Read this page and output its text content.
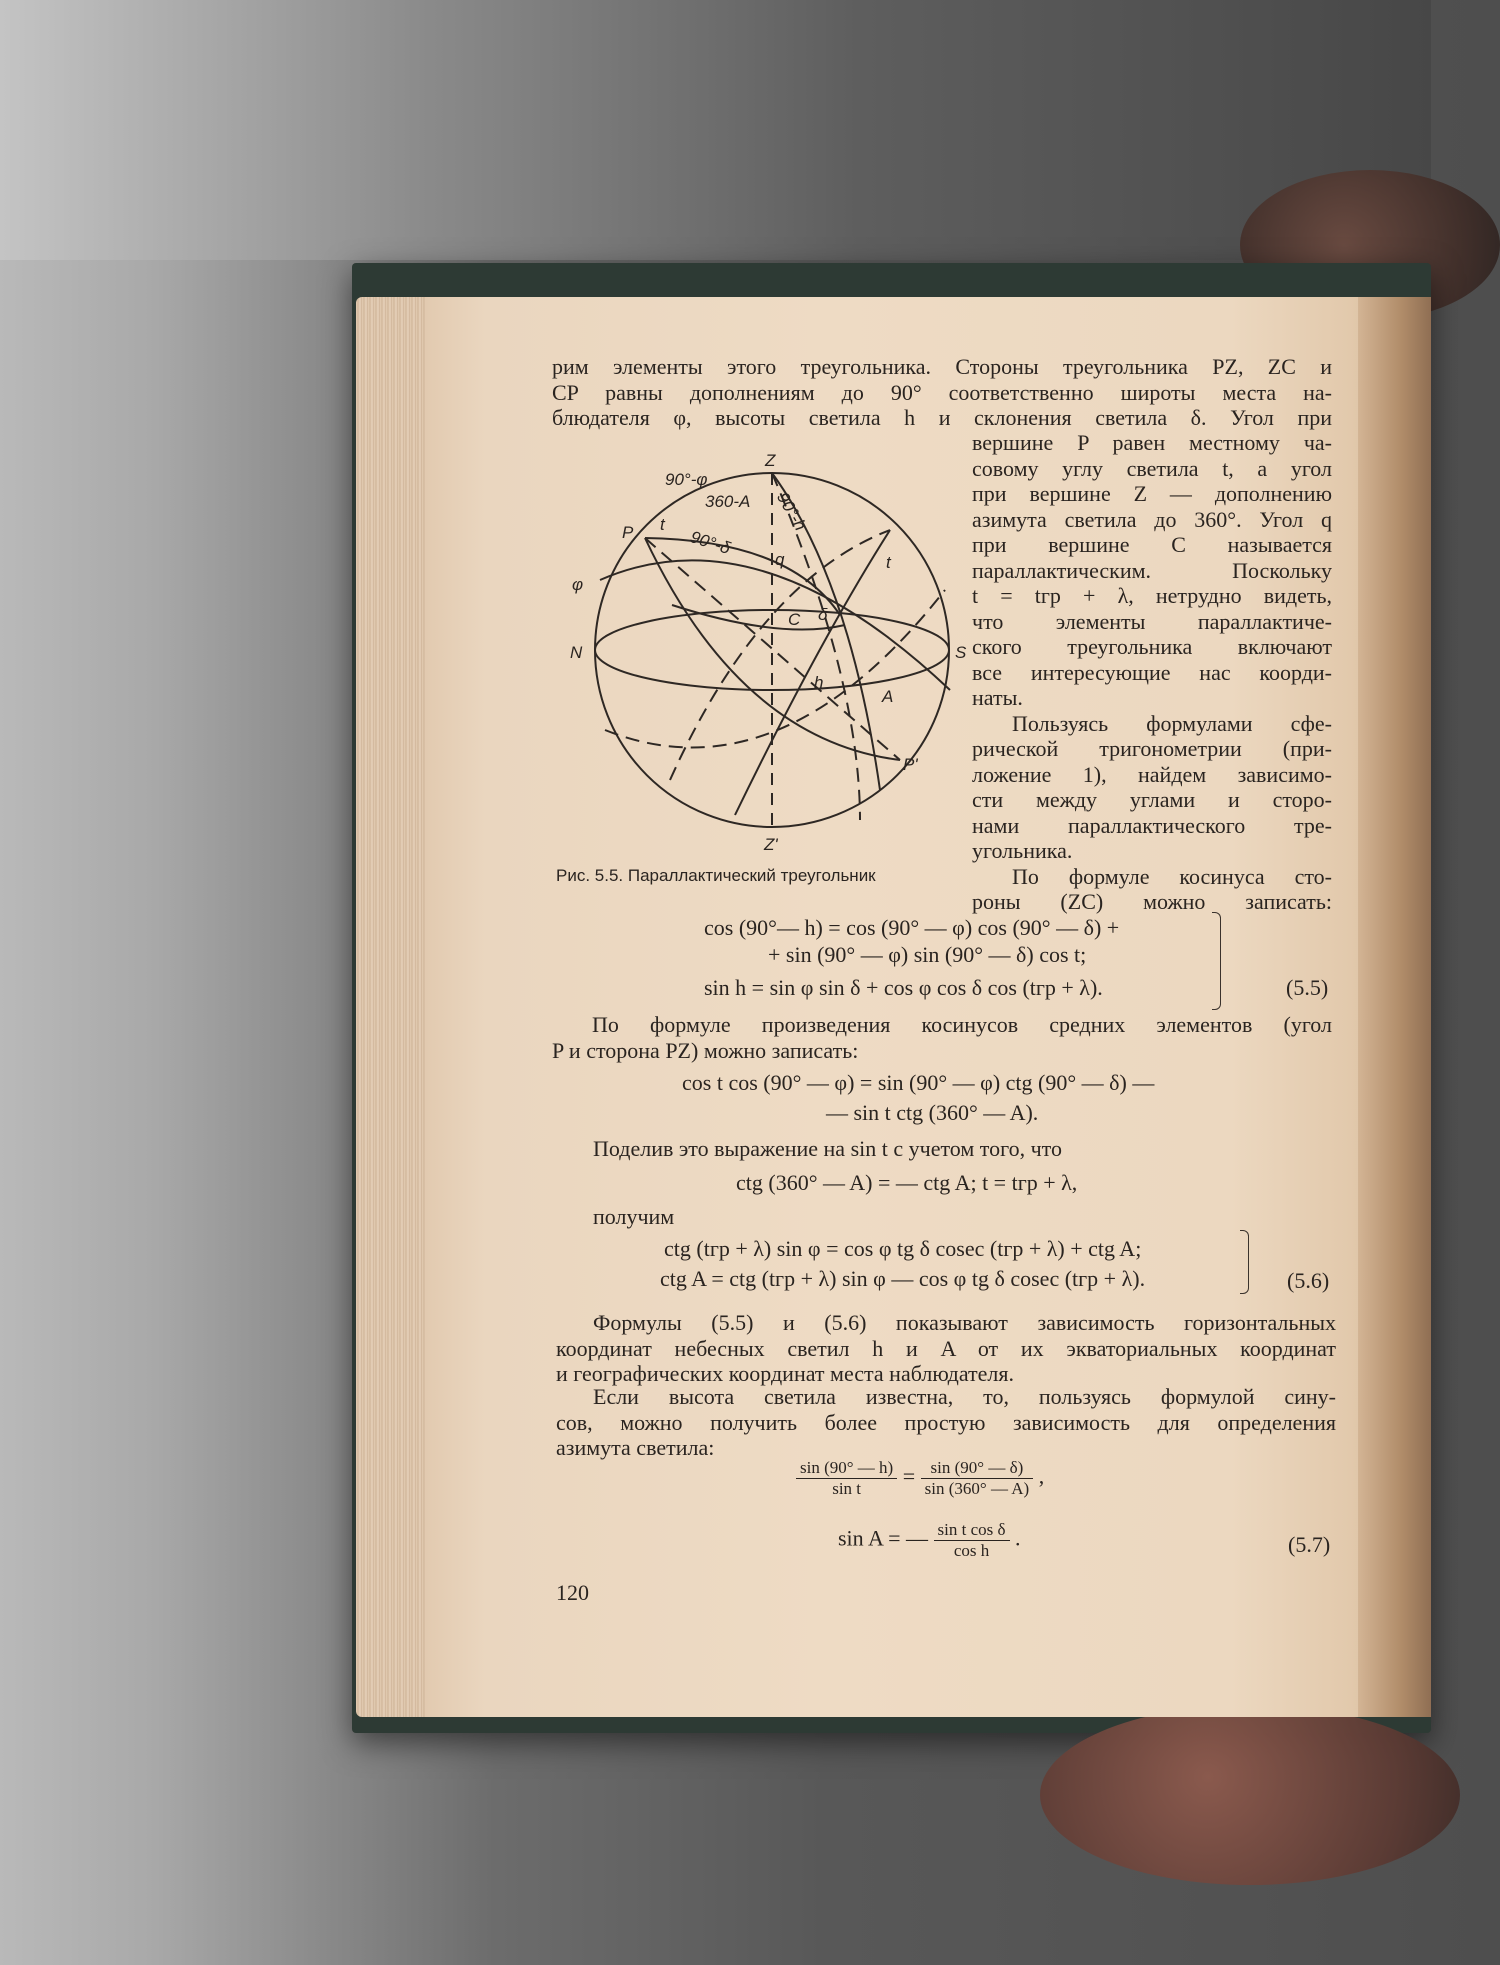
рим элементы этого треугольника. Стороны треугольника PZ, ZC и
CP равны дополнениям до 90° соответственно широты места на-
блюдателя φ, высоты светила h и склонения светила δ. Угол при
вершине P равен местному ча-
совому углу светила t, а угол
при вершине Z — дополнению
азимута светила до 360°. Угол q
при вершине C называется
параллактическим. Поскольку
t = tгр + λ, нетрудно видеть,
что элементы параллактиче-
ского треугольника включают
все интересующие нас коорди-
наты.
Пользуясь формулами сфе-
рической тригонометрии (при-
ложение 1), найдем зависимо-
сти между углами и сторо-
нами параллактического тре-
угольника.
По формуле косинуса сто-
роны (ZC) можно записать:
Z
Z'
N	S
P
P'
φ
90°-φ
360-A 90°-h
90°-δ
t
t
q
C δ
h
A
Рис. 5.5. Параллактический треугольник
cos (90°— h) = cos (90° — φ) cos (90° — δ) +
+ sin (90° — φ) sin (90° — δ) cos t;
sin h = sin φ sin δ + cos φ cos δ cos (tгр + λ).	(5.5)
По формуле произведения косинусов средних элементов (угол
P и сторона PZ) можно записать:
cos t cos (90° — φ) = sin (90° — φ) ctg (90° — δ) —
— sin t ctg (360° — A).
Поделив это выражение на sin t с учетом того, что
ctg (360° — A) = — ctg A; t = tгр + λ,
получим
ctg (tгр + λ) sin φ = cos φ tg δ cosec (tгр + λ) + ctg A;
ctg A = ctg (tгр + λ) sin φ — cos φ tg δ cosec (tгр + λ).	(5.6)
Формулы (5.5) и (5.6) показывают зависимость горизонтальных
координат небесных светил h и A от их экваториальных координат
и географических координат места наблюдателя.
Если высота светила известна, то, пользуясь формулой сину-
сов, можно получить более простую зависимость для определения
азимута светила:
$\frac{\sin (90^\circ — h)}{\text{sin t}} = \frac{\sin (90^\circ — \delta)}{\sin (360^\circ — A)}$ ,
sin A = — $\frac{\text{sin t cos δ}}{\text{cos h}}$ .	(5.7)
120
